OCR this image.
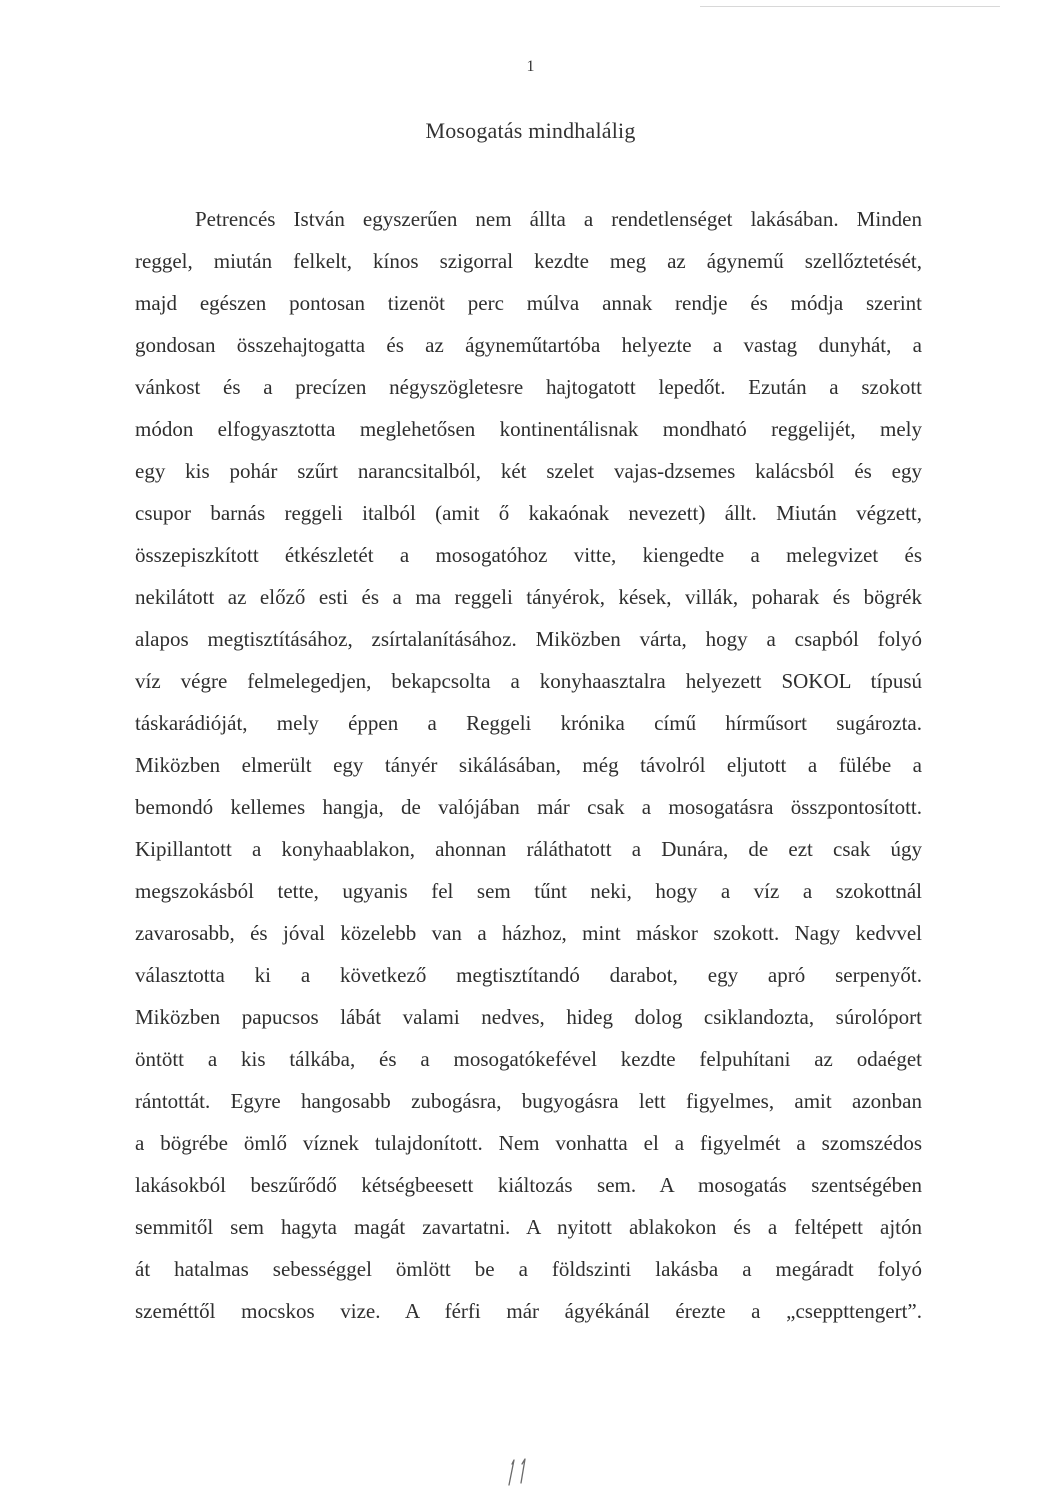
1
Mosogatás mindhalálig
Petrencés István egyszerűen nem állta a rendetlenséget lakásában. Minden
reggel, miután felkelt, kínos szigorral kezdte meg az ágynemű szellőztetését,
majd egészen pontosan tizenöt perc múlva annak rendje és módja szerint
gondosan összehajtogatta és az ágyneműtartóba helyezte a vastag dunyhát, a
vánkost és a precízen négyszögletesre hajtogatott lepedőt. Ezután a szokott
módon elfogyasztotta meglehetősen kontinentálisnak mondható reggelijét, mely
egy kis pohár szűrt narancsitalból, két szelet vajas-dzsemes kalácsból és egy
csupor barnás reggeli italból (amit ő kakaónak nevezett) állt. Miután végzett,
összepiszkított étkészletét a mosogatóhoz vitte, kiengedte a melegvizet és
nekilátott az előző esti és a ma reggeli tányérok, kések, villák, poharak és bögrék
alapos megtisztításához, zsírtalanításához. Miközben várta, hogy a csapból folyó
víz végre felmelegedjen, bekapcsolta a konyhaasztalra helyezett SOKOL típusú
táskarádióját, mely éppen a Reggeli krónika című hírműsort sugározta.
Miközben elmerült egy tányér sikálásában, még távolról eljutott a fülébe a
bemondó kellemes hangja, de valójában már csak a mosogatásra összpontosított.
Kipillantott a konyhaablakon, ahonnan ráláthatott a Dunára, de ezt csak úgy
megszokásból tette, ugyanis fel sem tűnt neki, hogy a víz a szokottnál
zavarosabb, és jóval közelebb van a házhoz, mint máskor szokott. Nagy kedvvel
választotta ki a következő megtisztítandó darabot, egy apró serpenyőt.
Miközben papucsos lábát valami nedves, hideg dolog csiklandozta, súrolóport
öntött a kis tálkába, és a mosogatókefével kezdte felpuhítani az odaéget
rántottát. Egyre hangosabb zubogásra, bugyogásra lett figyelmes, amit azonban
a bögrébe ömlő víznek tulajdonított. Nem vonhatta el a figyelmét a szomszédos
lakásokból beszűrődő kétségbeesett kiáltozás sem. A mosogatás szentségében
semmitől sem hagyta magát zavartatni. A nyitott ablakokon és a feltépett ajtón
át hatalmas sebességgel ömlött be a földszinti lakásba a megáradt folyó
szeméttől mocskos vize. A férfi már ágyékánál érezte a „cseppttengert”.
